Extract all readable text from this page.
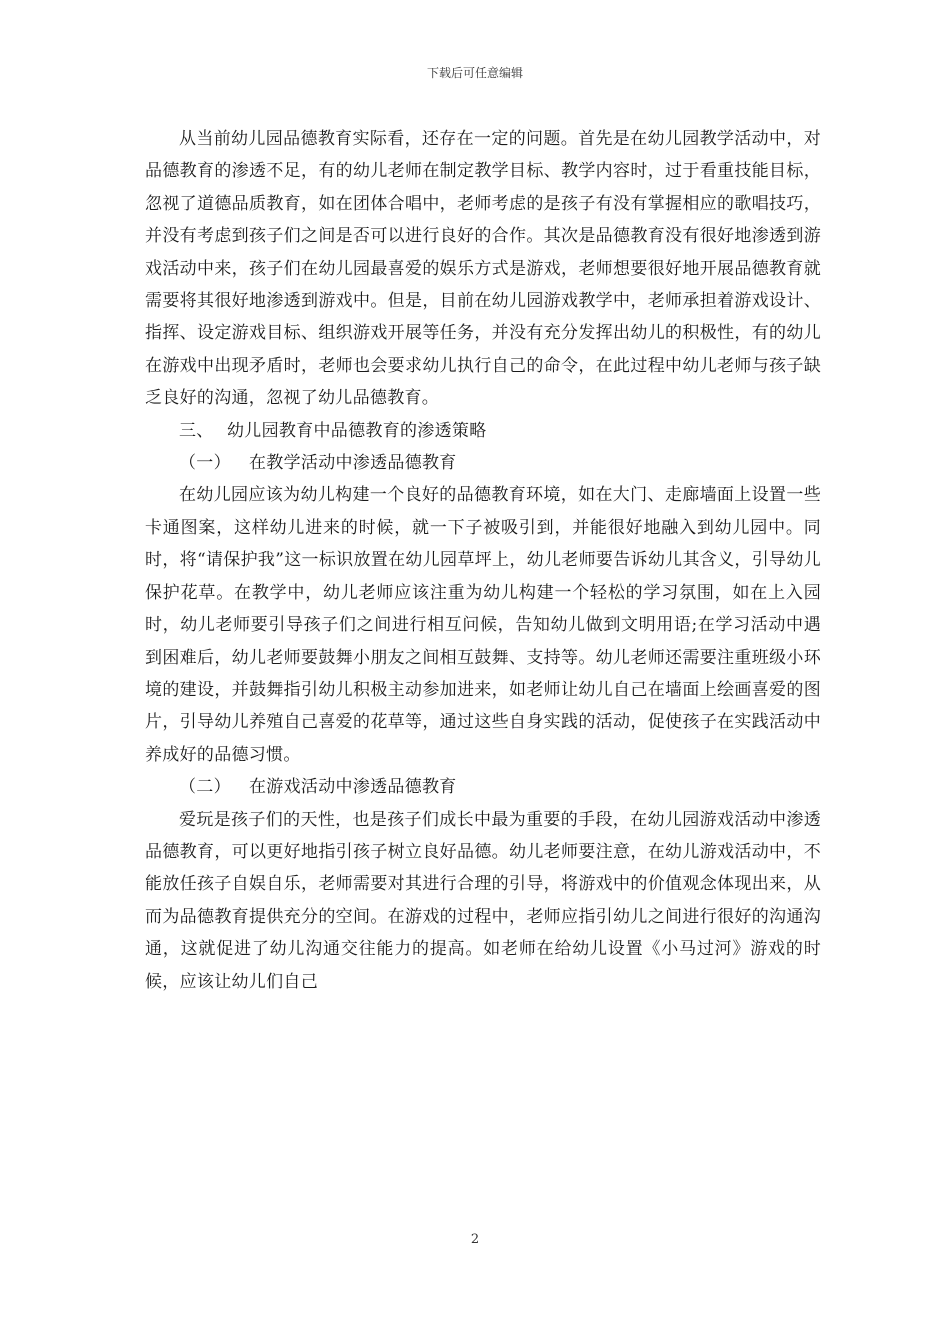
下载后可任意编辑

从当前幼儿园品德教育实际看，还存在一定的问题。首先是在幼儿园教学活动中，对品德教育的渗透不足，有的幼儿老师在制定教学目标、教学内容时，过于看重技能目标，忽视了道德品质教育，如在团体合唱中，老师考虑的是孩子有没有掌握相应的歌唱技巧，并没有考虑到孩子们之间是否可以进行良好的合作。其次是品德教育没有很好地渗透到游戏活动中来，孩子们在幼儿园最喜爱的娱乐方式是游戏，老师想要很好地开展品德教育就需要将其很好地渗透到游戏中。但是，目前在幼儿园游戏教学中，老师承担着游戏设计、指挥、设定游戏目标、组织游戏开展等任务，并没有充分发挥出幼儿的积极性，有的幼儿在游戏中出现矛盾时，老师也会要求幼儿执行自己的命令，在此过程中幼儿老师与孩子缺乏良好的沟通，忽视了幼儿品德教育。

三、 幼儿园教育中品德教育的渗透策略

（一） 在教学活动中渗透品德教育

在幼儿园应该为幼儿构建一个良好的品德教育环境，如在大门、走廊墙面上设置一些卡通图案，这样幼儿进来的时候，就一下子被吸引到，并能很好地融入到幼儿园中。同时，将“请保护我”这一标识放置在幼儿园草坪上，幼儿老师要告诉幼儿其含义，引导幼儿保护花草。在教学中，幼儿老师应该注重为幼儿构建一个轻松的学习氛围，如在上入园时，幼儿老师要引导孩子们之间进行相互问候，告知幼儿做到文明用语;在学习活动中遇到困难后，幼儿老师要鼓舞小朋友之间相互鼓舞、支持等。幼儿老师还需要注重班级小环境的建设，并鼓舞指引幼儿积极主动参加进来，如老师让幼儿自己在墙面上绘画喜爱的图片，引导幼儿养殖自己喜爱的花草等，通过这些自身实践的活动，促使孩子在实践活动中养成好的品德习惯。

（二） 在游戏活动中渗透品德教育

爱玩是孩子们的天性，也是孩子们成长中最为重要的手段，在幼儿园游戏活动中渗透品德教育，可以更好地指引孩子树立良好品德。幼儿老师要注意，在幼儿游戏活动中，不能放任孩子自娱自乐，老师需要对其进行合理的引导，将游戏中的价值观念体现出来，从而为品德教育提供充分的空间。在游戏的过程中，老师应指引幼儿之间进行很好的沟通沟通，这就促进了幼儿沟通交往能力的提高。如老师在给幼儿设置《小马过河》游戏的时候，应该让幼儿们自己

2
